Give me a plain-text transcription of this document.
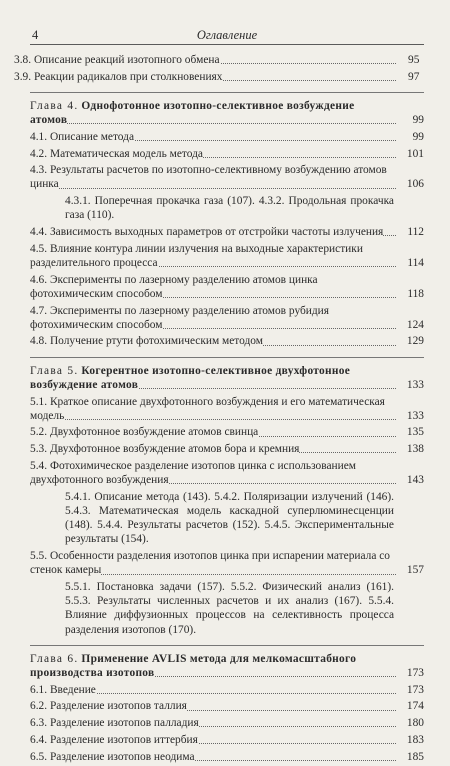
4	Оглавление
3.8. Описание реакций изотопного обмена	95
3.9. Реакции радикалов при столкновениях	97
Глава 4. Однофотонное изотопно-селективное возбуждение атомов	99
4.1. Описание метода	99
4.2. Математическая модель метода	101
4.3. Результаты расчетов по изотопно-селективному возбуждению атомов цинка	106
4.3.1. Поперечная прокачка газа (107). 4.3.2. Продольная прокачка газа (110).
4.4. Зависимость выходных параметров от отстройки частоты излучения	112
4.5. Влияние контура линии излучения на выходные характеристики разделительного процесса	114
4.6. Эксперименты по лазерному разделению атомов цинка фотохимическим способом	118
4.7. Эксперименты по лазерному разделению атомов рубидия фотохимическим способом	124
4.8. Получение ртути фотохимическим методом	129
Глава 5. Когерентное изотопно-селективное двухфотонное возбуждение атомов	133
5.1. Краткое описание двухфотонного возбуждения и его математическая модель	133
5.2. Двухфотонное возбуждение атомов свинца	135
5.3. Двухфотонное возбуждение атомов бора и кремния	138
5.4. Фотохимическое разделение изотопов цинка с использованием двухфотонного возбуждения	143
5.4.1. Описание метода (143). 5.4.2. Поляризации излучений (146). 5.4.3. Математическая модель каскадной суперлюминесценции (148). 5.4.4. Результаты расчетов (152). 5.4.5. Экспериментальные результаты (154).
5.5. Особенности разделения изотопов цинка при испарении материала со стенок камеры	157
5.5.1. Постановка задачи (157). 5.5.2. Физический анализ (161). 5.5.3. Результаты численных расчетов и их анализ (167). 5.5.4. Влияние диффузионных процессов на селективность процесса разделения изотопов (170).
Глава 6. Применение AVLIS метода для мелкомасштабного производства изотопов	173
6.1. Введение	173
6.2. Разделение изотопов таллия	174
6.3. Разделение изотопов палладия	180
6.4. Разделение изотопов иттербия	183
6.5. Разделение изотопов неодима	185
